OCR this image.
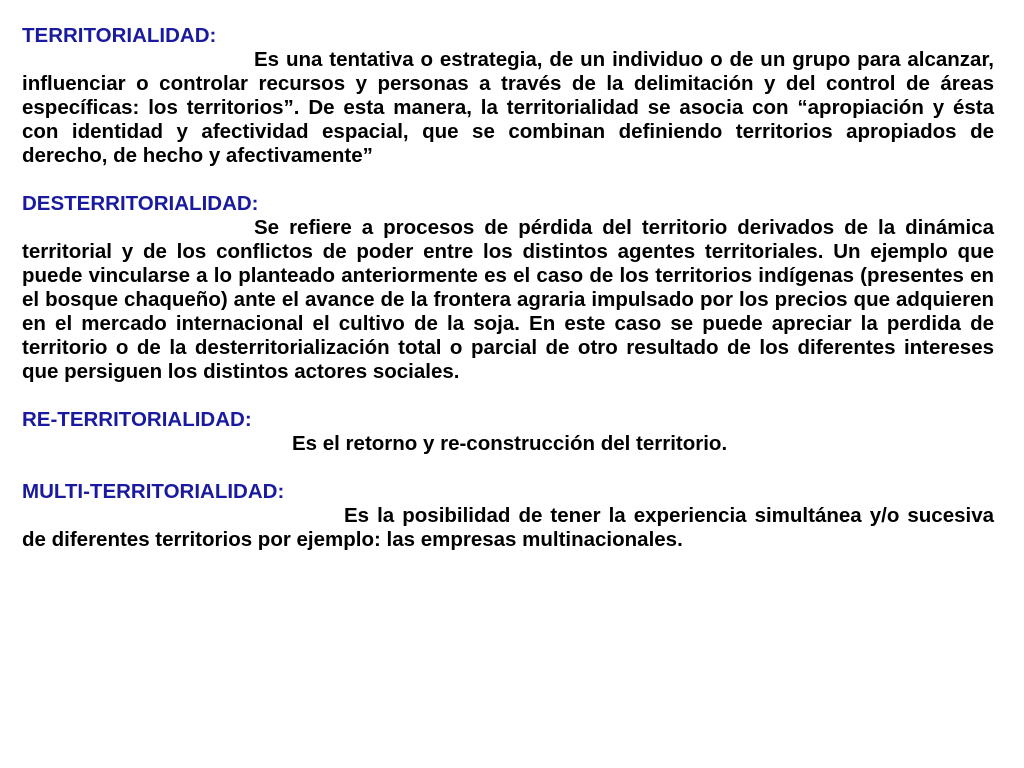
TERRITORIALIDAD:

Es una tentativa o estrategia, de un individuo o de un grupo para alcanzar, influenciar o controlar recursos y personas a través de la delimitación y del control de áreas específicas: los territorios”. De esta manera, la territorialidad se asocia con “apropiación y ésta con identidad y afectividad espacial, que se combinan definiendo territorios apropiados de derecho, de hecho y afectivamente”

DESTERRITORIALIDAD:

Se refiere a procesos de pérdida del territorio derivados de la dinámica territorial y de los conflictos de poder entre los distintos agentes territoriales. Un ejemplo que puede vincularse a lo planteado anteriormente es el caso de los territorios indígenas (presentes en el bosque chaqueño) ante el avance de la frontera agraria impulsado por los precios que adquieren en el mercado internacional el cultivo de la soja. En este caso se puede apreciar la perdida de territorio o de la desterritorialización total o parcial de otro resultado de los diferentes intereses que persiguen los distintos actores sociales.

RE-TERRITORIALIDAD:

Es el retorno y re-construcción del territorio.

MULTI-TERRITORIALIDAD:

Es la posibilidad de tener la experiencia simultánea y/o sucesiva de diferentes territorios por ejemplo: las empresas multinacionales.
